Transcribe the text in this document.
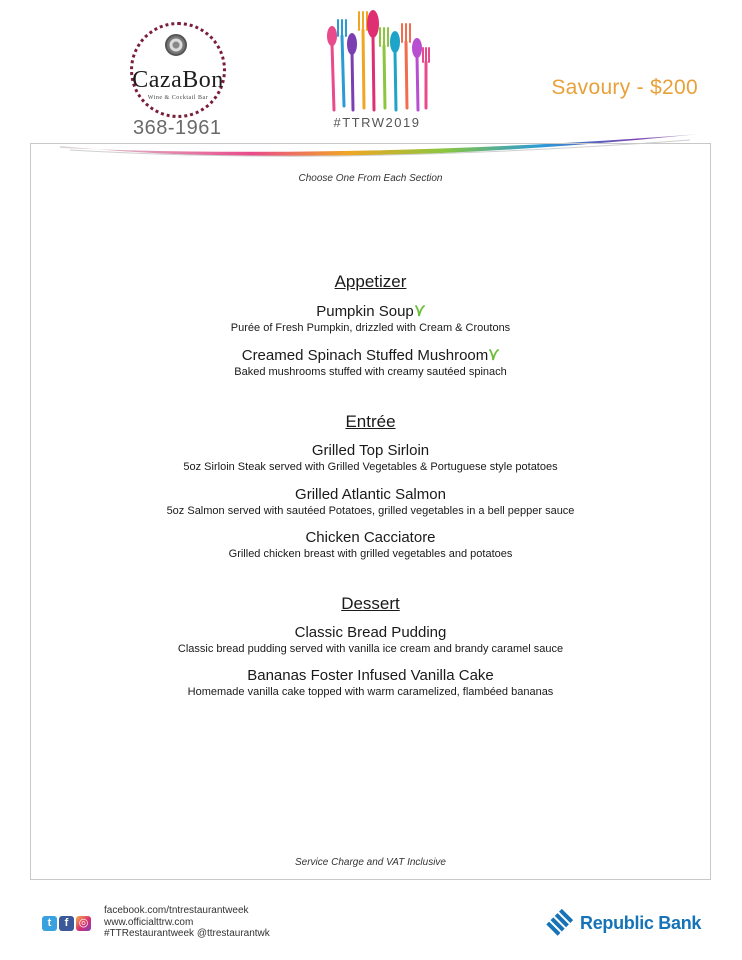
CazaBon
Wine & Cocktail Bar
368-1961	#TTRW2019
Savoury - $200
Choose One From Each Section
Appetizer
Pumpkin Soup
Purée of Fresh Pumpkin, drizzled with Cream & Croutons
Creamed Spinach Stuffed Mushroom
Baked mushrooms stuffed with creamy sautéed spinach
Entrée
Grilled Top Sirloin
5oz Sirloin Steak served with Grilled Vegetables & Portuguese style potatoes
Grilled Atlantic Salmon
5oz Salmon served with sautéed Potatoes, grilled vegetables in a bell pepper sauce
Chicken Cacciatore
Grilled chicken breast with grilled vegetables and potatoes
Dessert
Classic Bread Pudding
Classic bread pudding served with vanilla ice cream and brandy caramel sauce
Bananas Foster Infused Vanilla Cake
Homemade vanilla cake topped with warm caramelized, flambéed bananas
Service Charge and VAT Inclusive
t f ◎
facebook.com/tntrestaurantweek
www.officialttrw.com
#TTRestaurantweek @ttrestaurantwk
Republic Bank
